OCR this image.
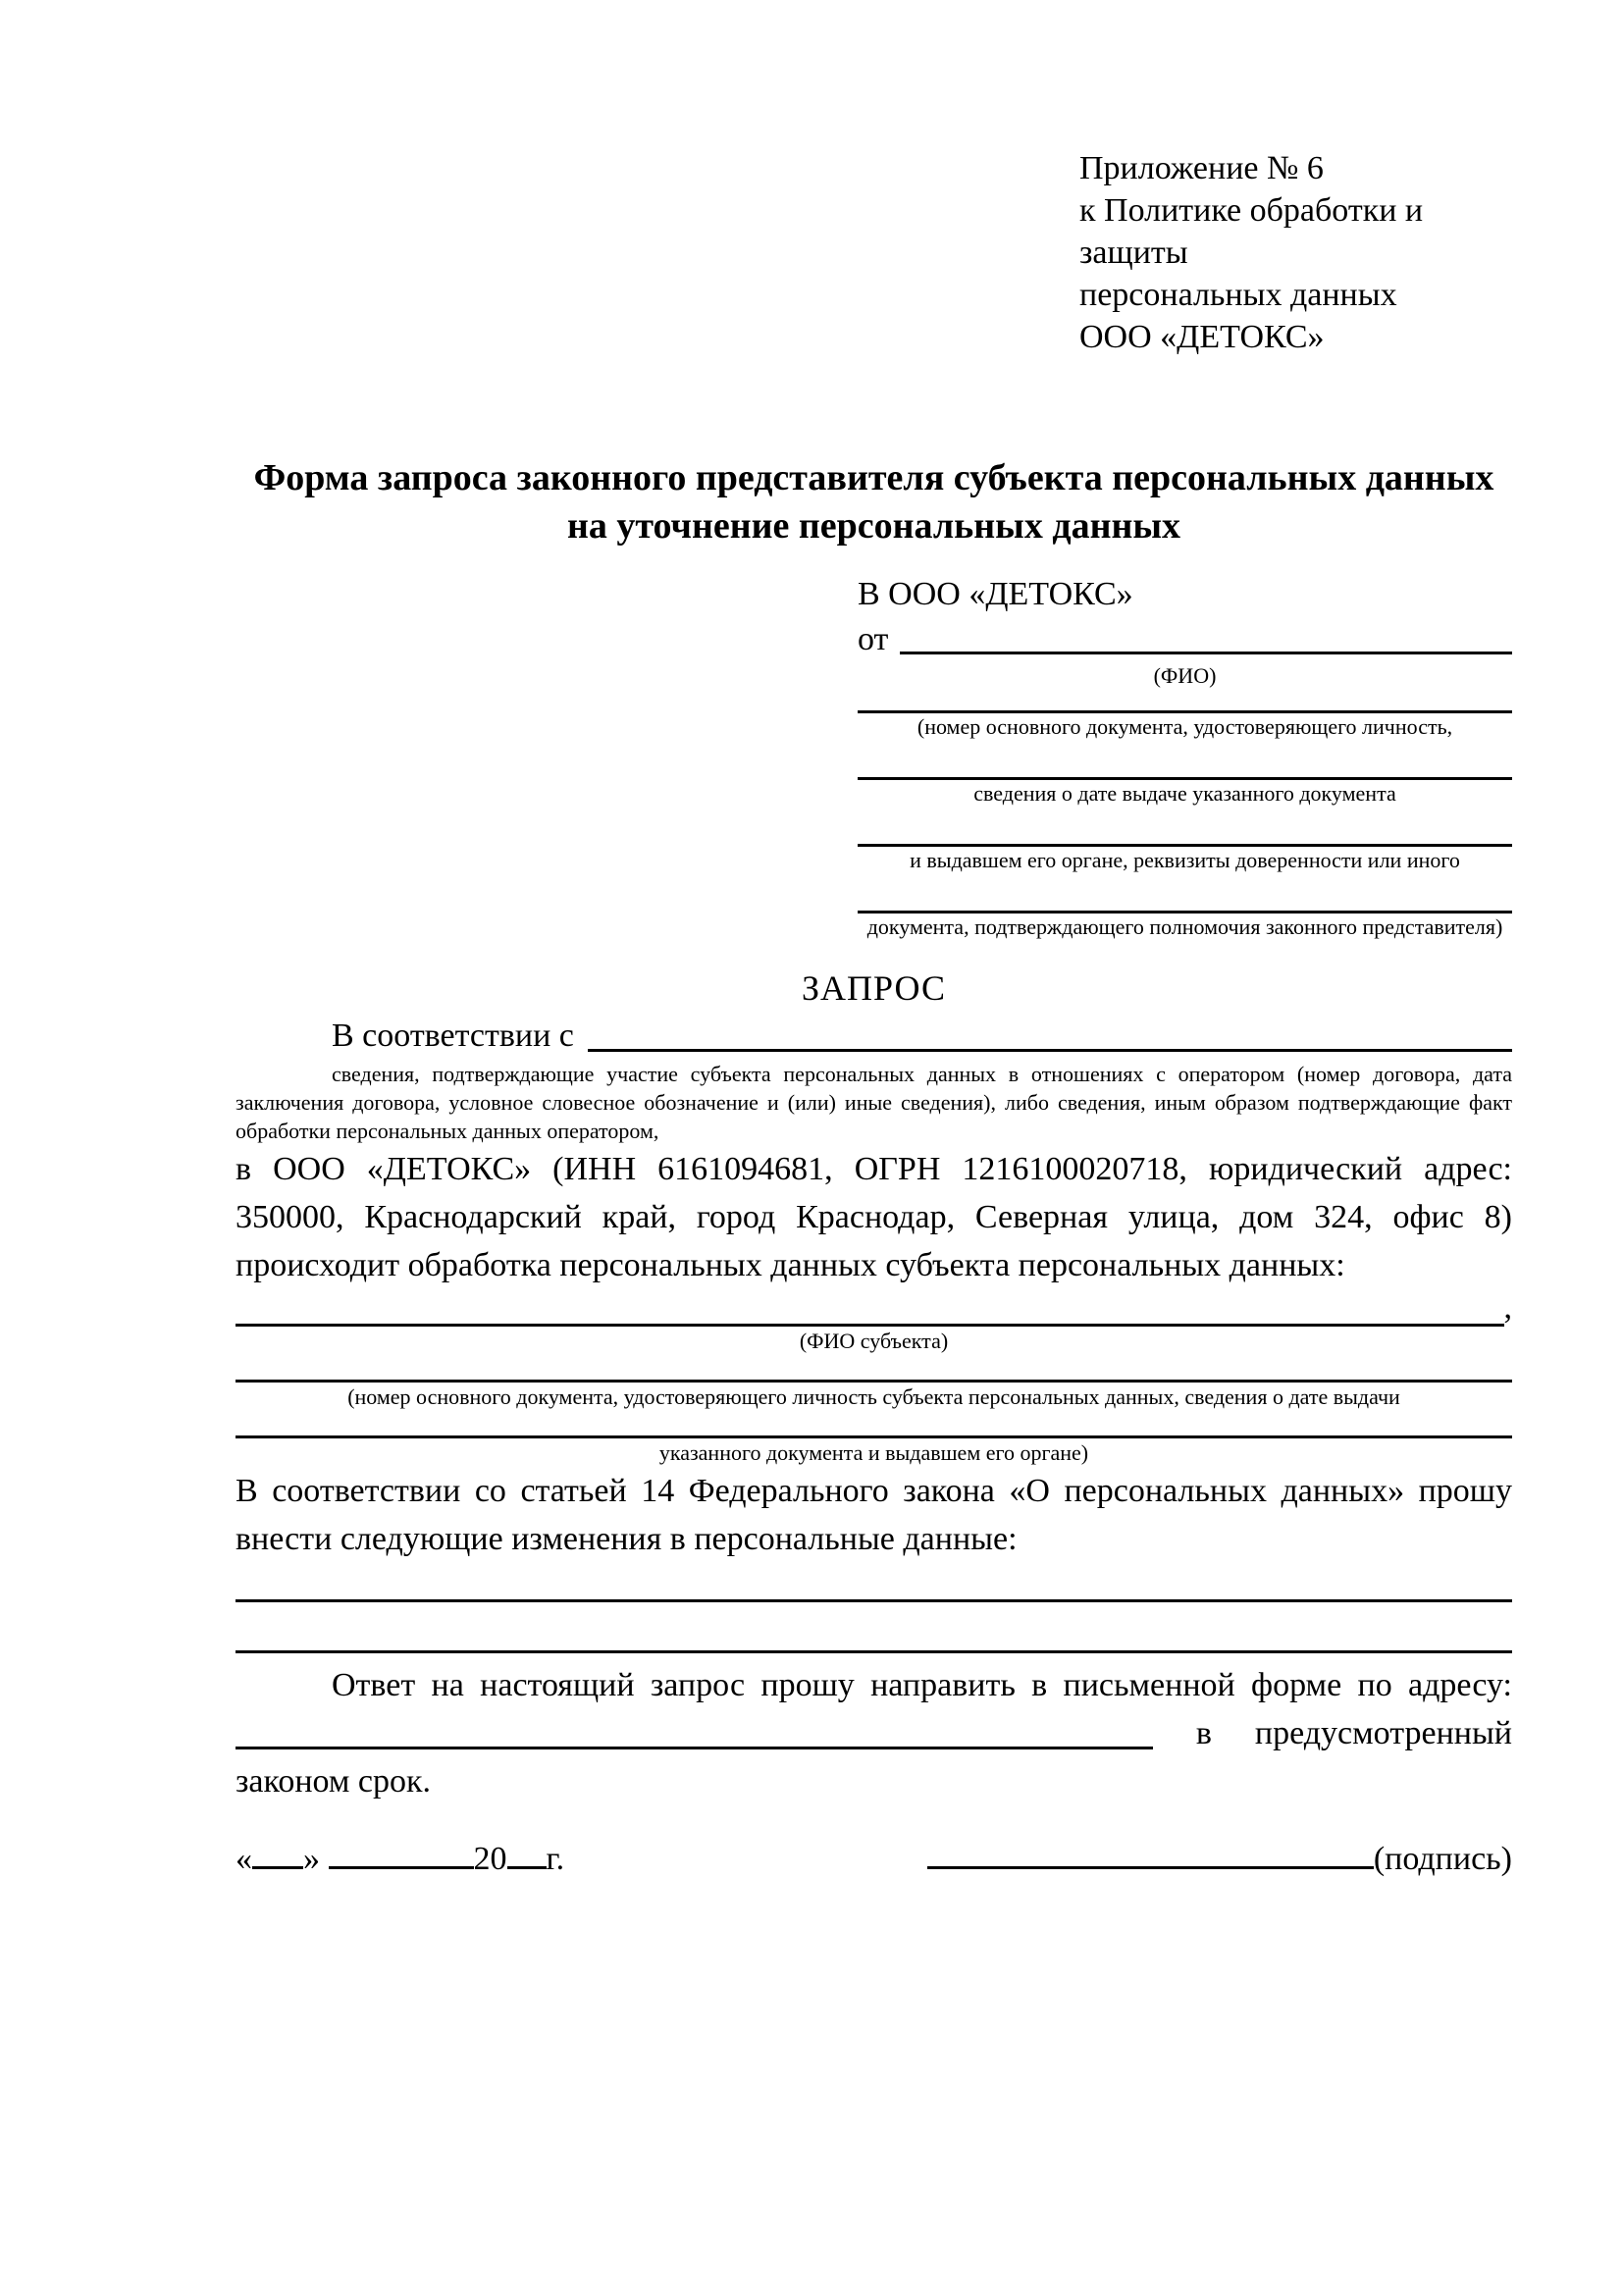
Приложение № 6
к Политике обработки и защиты
персональных данных
ООО «ДЕТОКС»
Форма запроса законного представителя субъекта персональных данных
на уточнение персональных данных
В ООО «ДЕТОКС»
от
(ФИО)
(номер основного документа, удостоверяющего личность,
сведения о дате выдаче указанного документа
и выдавшем его органе, реквизиты доверенности или иного
документа, подтверждающего полномочия законного представителя)
ЗАПРОС
В соответствии с
сведения, подтверждающие участие субъекта персональных данных в отношениях с оператором (номер договора, дата заключения договора, условное словесное обозначение и (или) иные сведения), либо сведения, иным образом подтверждающие факт обработки персональных данных оператором,
в ООО «ДЕТОКС» (ИНН 6161094681, ОГРН 1216100020718, юридический адрес: 350000, Краснодарский край, город Краснодар, Северная улица, дом 324, офис 8) происходит обработка персональных данных субъекта персональных данных:
,
(ФИО субъекта)
(номер основного документа, удостоверяющего личность субъекта персональных данных, сведения о дате выдачи
указанного документа и выдавшем его органе)
В соответствии со статьей 14 Федерального закона «О персональных данных» прошу внести следующие изменения в персональные данные:
Ответ на настоящий запрос прошу направить в письменной форме по адресу:
в предусмотренный
законом срок.
« »
	20 г.	(подпись)
